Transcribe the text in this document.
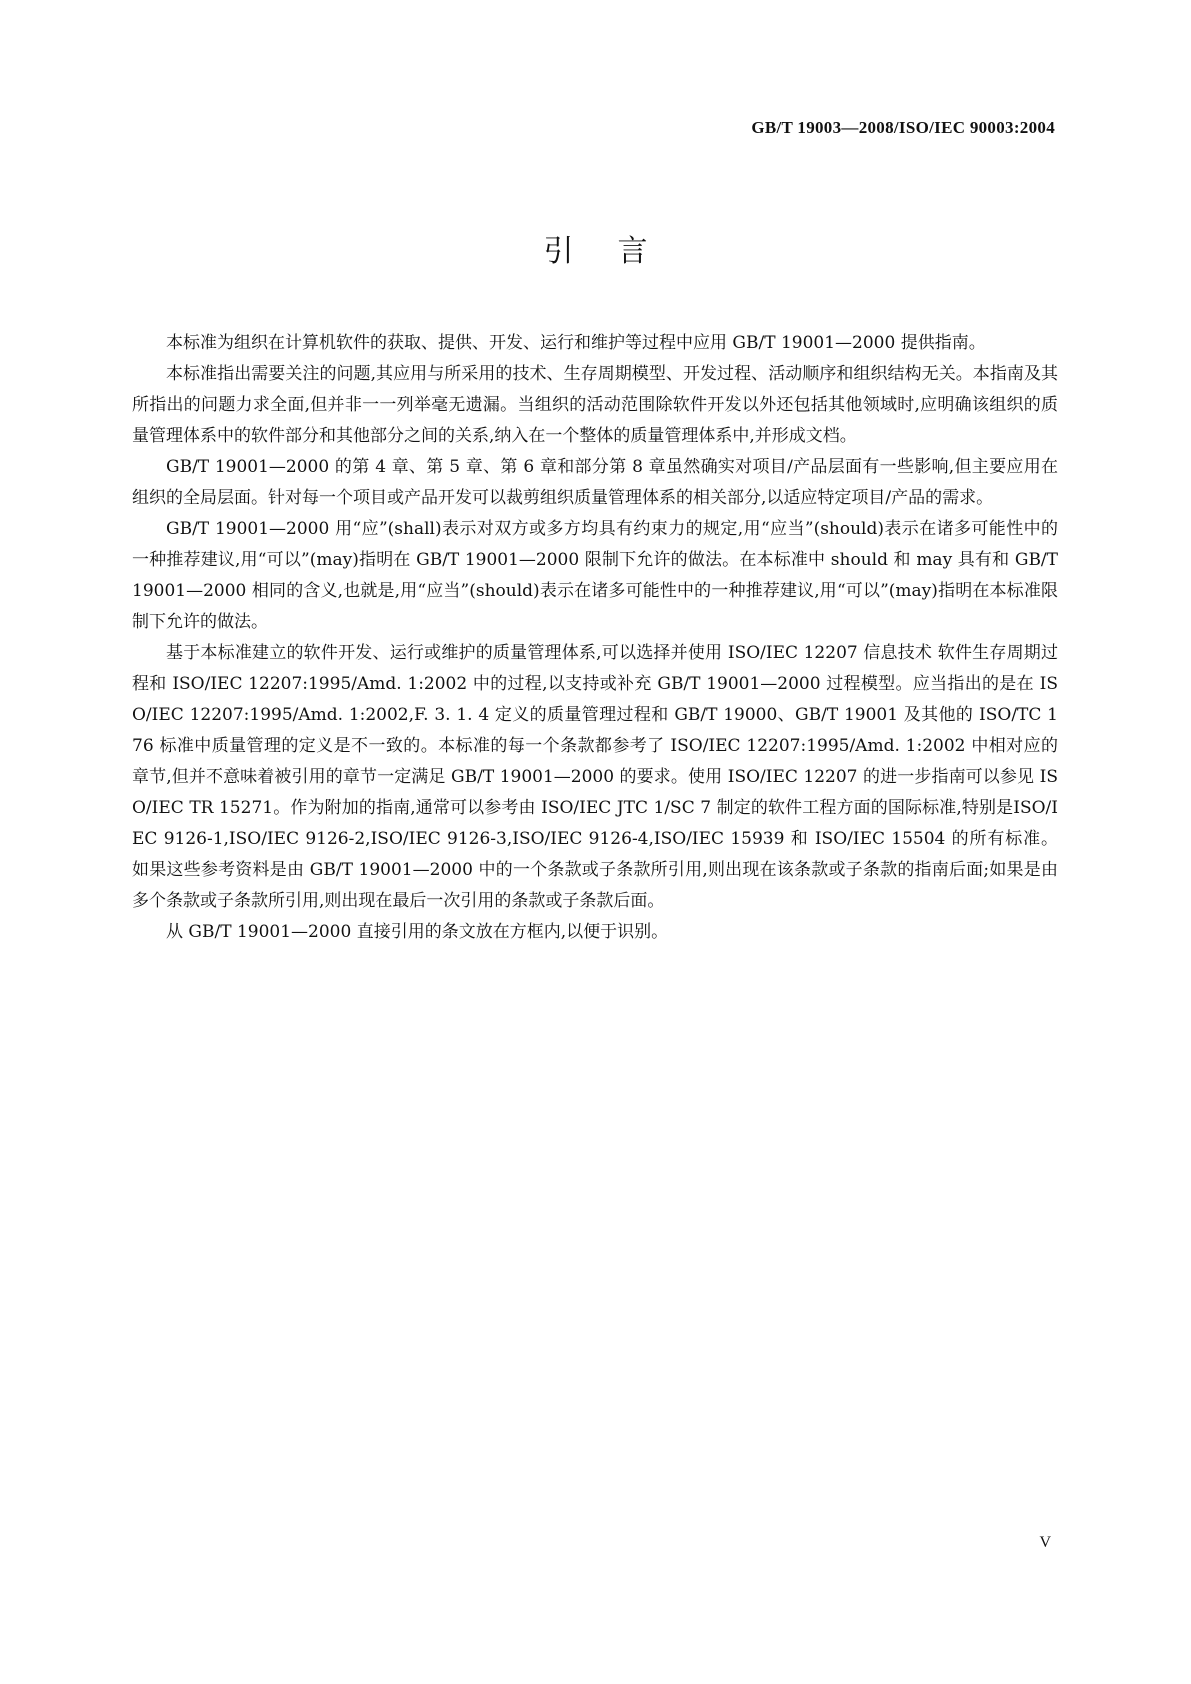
GB/T 19003—2008/ISO/IEC 90003:2004
引言

本标准为组织在计算机软件的获取、提供、开发、运行和维护等过程中应用 GB/T 19001—2000 提供指南。

本标准指出需要关注的问题,其应用与所采用的技术、生存周期模型、开发过程、活动顺序和组织结构无关。本指南及其所指出的问题力求全面,但并非一一列举毫无遗漏。当组织的活动范围除软件开发以外还包括其他领域时,应明确该组织的质量管理体系中的软件部分和其他部分之间的关系,纳入在一个整体的质量管理体系中,并形成文档。

GB/T 19001—2000 的第 4 章、第 5 章、第 6 章和部分第 8 章虽然确实对项目/产品层面有一些影响,但主要应用在组织的全局层面。针对每一个项目或产品开发可以裁剪组织质量管理体系的相关部分,以适应特定项目/产品的需求。

GB/T 19001—2000 用“应”(shall)表示对双方或多方均具有约束力的规定,用“应当”(should)表示在诸多可能性中的一种推荐建议,用“可以”(may)指明在 GB/T 19001—2000 限制下允许的做法。在本标准中 should 和 may 具有和 GB/T 19001—2000 相同的含义,也就是,用“应当”(should)表示在诸多可能性中的一种推荐建议,用“可以”(may)指明在本标准限制下允许的做法。

基于本标准建立的软件开发、运行或维护的质量管理体系,可以选择并使用 ISO/IEC 12207 信息技术 软件生存周期过程和 ISO/IEC 12207:1995/Amd. 1:2002 中的过程,以支持或补充 GB/T 19001—2000 过程模型。应当指出的是在 ISO/IEC 12207:1995/Amd. 1:2002,F. 3. 1. 4 定义的质量管理过程和 GB/T 19000、GB/T 19001 及其他的 ISO/TC 176 标准中质量管理的定义是不一致的。本标准的每一个条款都参考了 ISO/IEC 12207:1995/Amd. 1:2002 中相对应的章节,但并不意味着被引用的章节一定满足 GB/T 19001—2000 的要求。使用 ISO/IEC 12207 的进一步指南可以参见 ISO/IEC TR 15271。作为附加的指南,通常可以参考由 ISO/IEC JTC 1/SC 7 制定的软件工程方面的国际标准,特别是ISO/IEC 9126-1,ISO/IEC 9126-2,ISO/IEC 9126-3,ISO/IEC 9126-4,ISO/IEC 15939 和 ISO/IEC 15504 的所有标准。如果这些参考资料是由 GB/T 19001—2000 中的一个条款或子条款所引用,则出现在该条款或子条款的指南后面;如果是由多个条款或子条款所引用,则出现在最后一次引用的条款或子条款后面。

从 GB/T 19001—2000 直接引用的条文放在方框内,以便于识别。

V
